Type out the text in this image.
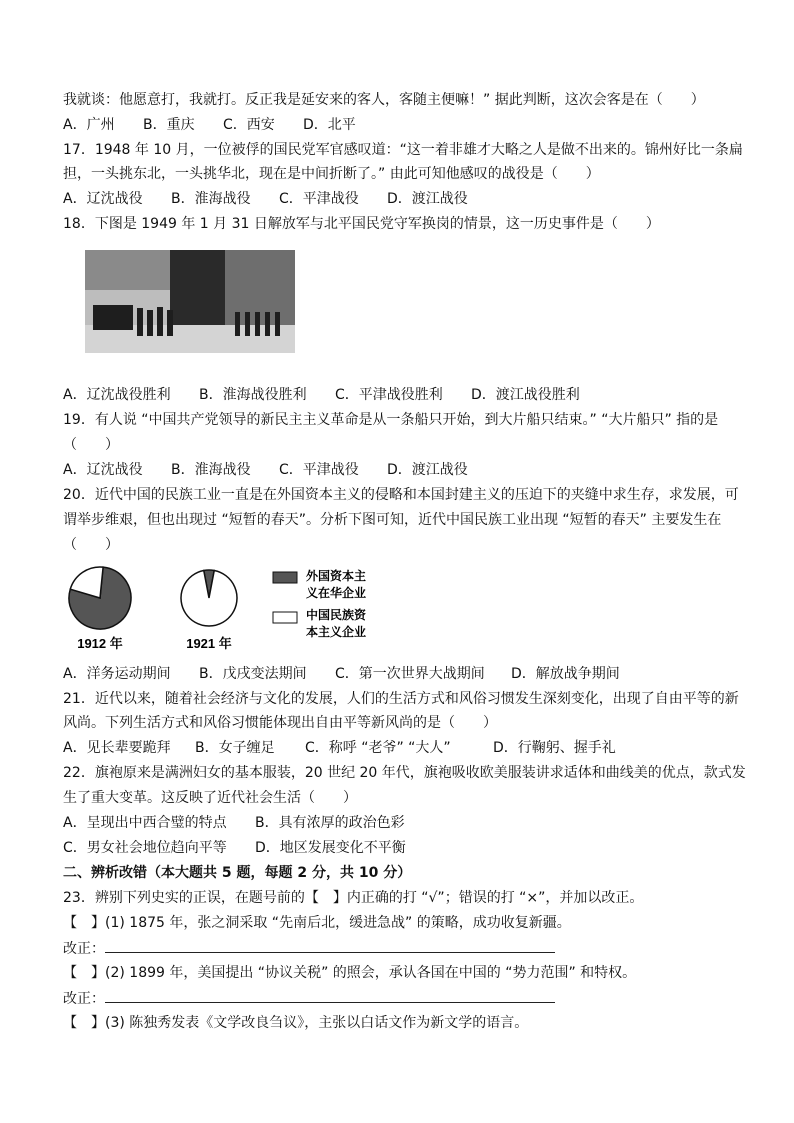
我就谈：他愿意打，我就打。反正我是延安来的客人，客随主便嘛！” 据此判断，这次会客是在（　　）
A．广州	B．重庆	C．西安	D．北平
17．1948 年 10 月，一位被俘的国民党军官感叹道：“这一着非雄才大略之人是做不出来的。锦州好比一条扁
担，一头挑东北，一头挑华北，现在是中间折断了。” 由此可知他感叹的战役是（　　）
A．辽沈战役	B．淮海战役	C．平津战役	D．渡江战役
18．下图是 1949 年 1 月 31 日解放军与北平国民党守军换岗的情景，这一历史事件是（　　）
A．辽沈战役胜利	B．淮海战役胜利	C．平津战役胜利	D．渡江战役胜利
19．有人说 “中国共产党领导的新民主主义革命是从一条船只开始，到大片船只结束。” “大片船只” 指的是
（　　）
A．辽沈战役	B．淮海战役	C．平津战役	D．渡江战役
20．近代中国的民族工业一直是在外国资本主义的侵略和本国封建主义的压迫下的夹缝中求生存，求发展，可
谓举步维艰，但也出现过 “短暂的春天”。分析下图可知，近代中国民族工业出现 “短暂的春天” 主要发生在
（　　）
1912 年	1921 年
外国资本主
义在华企业
中国民族资
本主义企业
A．洋务运动期间	B．戊戌变法期间	C．第一次世界大战期间	D．解放战争期间
21．近代以来，随着社会经济与文化的发展，人们的生活方式和风俗习惯发生深刻变化，出现了自由平等的新
风尚。下列生活方式和风俗习惯能体现出自由平等新风尚的是（　　）
A．见长辈要跪拜	B．女子缠足	C．称呼 “老爷” “大人”	D．行鞠躬、握手礼
22．旗袍原来是满洲妇女的基本服装，20 世纪 20 年代，旗袍吸收欧美服装讲求适体和曲线美的优点，款式发
生了重大变革。这反映了近代社会生活（　　）
A．呈现出中西合璧的特点	B．具有浓厚的政治色彩
C．男女社会地位趋向平等	D．地区发展变化不平衡
二、辨析改错（本大题共 5 题，每题 2 分，共 10 分）
23．辨别下列史实的正误，在题号前的【　】内正确的打 “√”；错误的打 “×”，并加以改正。
【　】(1) 1875 年，张之洞采取 “先南后北，缓进急战” 的策略，成功收复新疆。
改正：
【　】(2) 1899 年，美国提出 “协议关税” 的照会，承认各国在中国的 “势力范围” 和特权。
改正：
【　】(3) 陈独秀发表《文学改良刍议》，主张以白话文作为新文学的语言。
